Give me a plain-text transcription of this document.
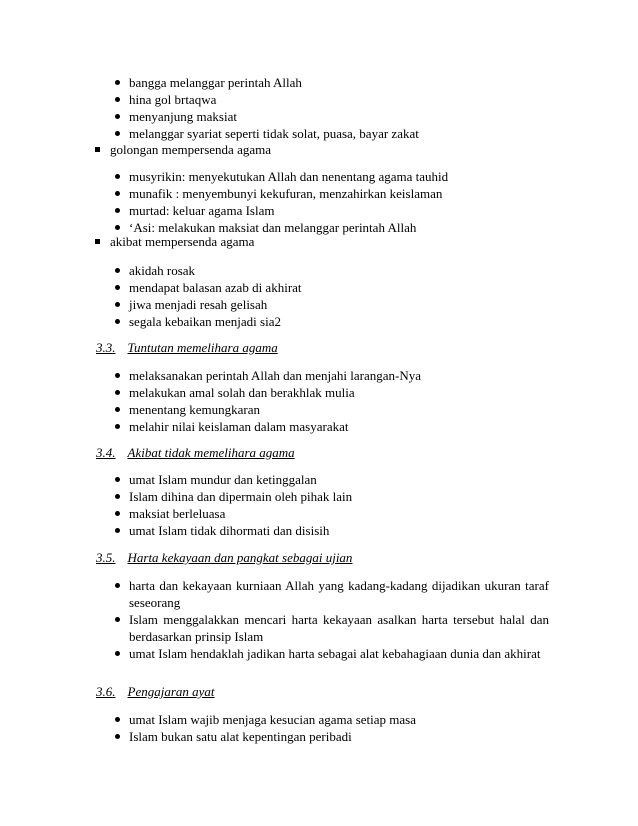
bangga melanggar perintah Allah
hina gol brtaqwa
menyanjung maksiat
melanggar syariat seperti tidak solat, puasa, bayar zakat
golongan mempersenda agama
musyrikin: menyekutukan Allah dan nenentang agama tauhid
munafik : menyembunyi kekufuran, menzahirkan keislaman
murtad: keluar agama Islam
‘Asi: melakukan maksiat dan melanggar perintah Allah
akibat mempersenda agama
akidah rosak
mendapat balasan azab di akhirat
jiwa menjadi resah gelisah
segala kebaikan menjadi sia2
3.3. Tuntutan memelihara agama
melaksanakan perintah Allah dan menjahi larangan-Nya
melakukan amal solah dan berakhlak mulia
menentang kemungkaran
melahir nilai keislaman dalam masyarakat
3.4. Akibat tidak memelihara agama
umat Islam mundur dan ketinggalan
Islam dihina dan dipermain oleh pihak lain
maksiat berleluasa
umat Islam tidak dihormati dan disisih
3.5. Harta kekayaan dan pangkat sebagai ujian
harta dan kekayaan kurniaan Allah yang kadang-kadang dijadikan ukuran taraf seseorang
Islam menggalakkan mencari harta kekayaan asalkan harta tersebut halal dan berdasarkan prinsip Islam
umat Islam hendaklah jadikan harta sebagai alat kebahagiaan dunia dan akhirat
3.6. Pengajaran ayat
umat Islam wajib menjaga kesucian agama setiap masa
Islam bukan satu alat kepentingan peribadi
